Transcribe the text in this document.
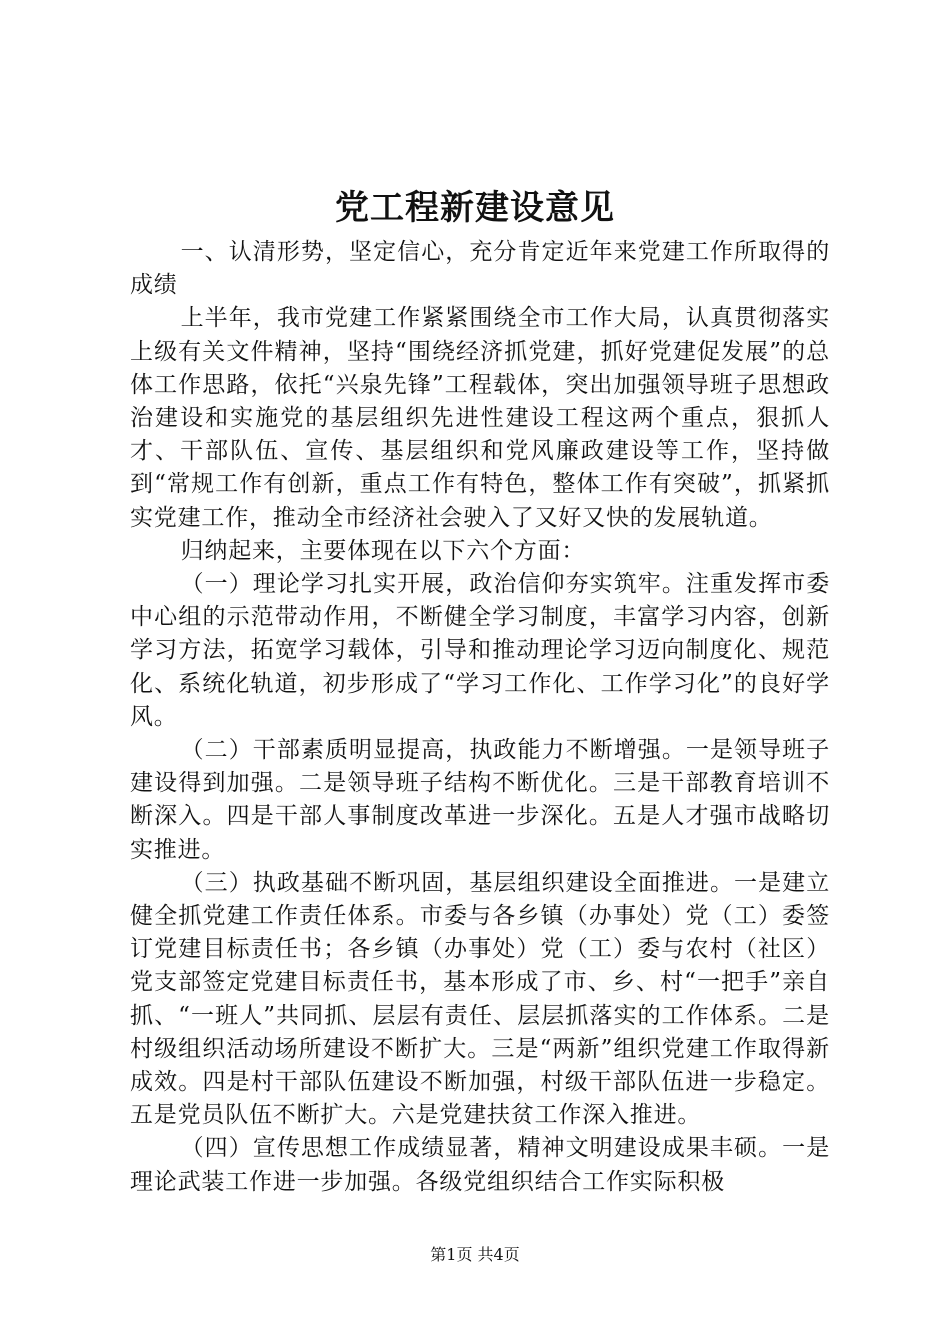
党工程新建设意见

一、认清形势，坚定信心，充分肯定近年来党建工作所取得的成绩

上半年，我市党建工作紧紧围绕全市工作大局，认真贯彻落实上级有关文件精神，坚持“围绕经济抓党建，抓好党建促发展”的总体工作思路，依托“兴泉先锋”工程载体，突出加强领导班子思想政治建设和实施党的基层组织先进性建设工程这两个重点，狠抓人才、干部队伍、宣传、基层组织和党风廉政建设等工作，坚持做到“常规工作有创新，重点工作有特色，整体工作有突破”，抓紧抓实党建工作，推动全市经济社会驶入了又好又快的发展轨道。

归纳起来，主要体现在以下六个方面：

（一）理论学习扎实开展，政治信仰夯实筑牢。注重发挥市委中心组的示范带动作用，不断健全学习制度，丰富学习内容，创新学习方法，拓宽学习载体，引导和推动理论学习迈向制度化、规范化、系统化轨道，初步形成了“学习工作化、工作学习化”的良好学风。

（二）干部素质明显提高，执政能力不断增强。一是领导班子建设得到加强。二是领导班子结构不断优化。三是干部教育培训不断深入。四是干部人事制度改革进一步深化。五是人才强市战略切实推进。

（三）执政基础不断巩固，基层组织建设全面推进。一是建立健全抓党建工作责任体系。市委与各乡镇（办事处）党（工）委签订党建目标责任书；各乡镇（办事处）党（工）委与农村（社区）党支部签定党建目标责任书，基本形成了市、乡、村“一把手”亲自抓、“一班人”共同抓、层层有责任、层层抓落实的工作体系。二是村级组织活动场所建设不断扩大。三是“两新”组织党建工作取得新成效。四是村干部队伍建设不断加强，村级干部队伍进一步稳定。五是党员队伍不断扩大。六是党建扶贫工作深入推进。

（四）宣传思想工作成绩显著，精神文明建设成果丰硕。一是理论武装工作进一步加强。各级党组织结合工作实际积极

第1页 共4页
